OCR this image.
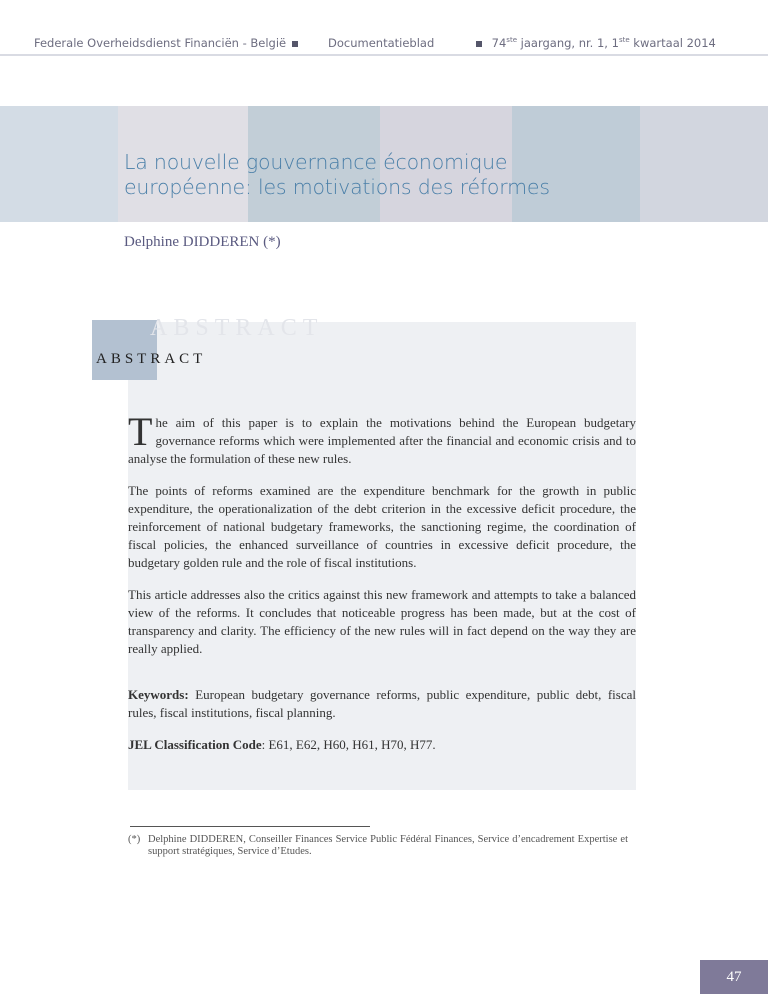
Federale Overheidsdienst Financiën - België	Documentatieblad	74ste jaargang, nr. 1, 1ste kwartaal 2014
La nouvelle gouvernance économique
européenne: les motivations des réformes
Delphine DIDDEREN (*)
ABSTRACT
ABSTRACT
The aim of this paper is to explain the motivations behind the European budgetary governance reforms which were implemented after the financial and economic crisis and to analyse the formulation of these new rules.
The points of reforms examined are the expenditure benchmark for the growth in public expenditure, the operationalization of the debt criterion in the excessive deficit procedure, the reinforcement of national budgetary frameworks, the sanctioning regime, the coordination of fiscal policies, the enhanced surveillance of countries in excessive deficit procedure, the budgetary golden rule and the role of fiscal institutions.
This article addresses also the critics against this new framework and attempts to take a balanced view of the reforms. It concludes that noticeable progress has been made, but at the cost of transparency and clarity. The efficiency of the new rules will in fact depend on the way they are really applied.
Keywords: European budgetary governance reforms, public expenditure, public debt, fiscal rules, fiscal institutions, fiscal planning.
JEL Classification Code: E61, E62, H60, H61, H70, H77.
(*) Delphine DIDDEREN, Conseiller Finances Service Public Fédéral Finances, Service d’encadrement Expertise et support stratégiques, Service d’Etudes.
47
